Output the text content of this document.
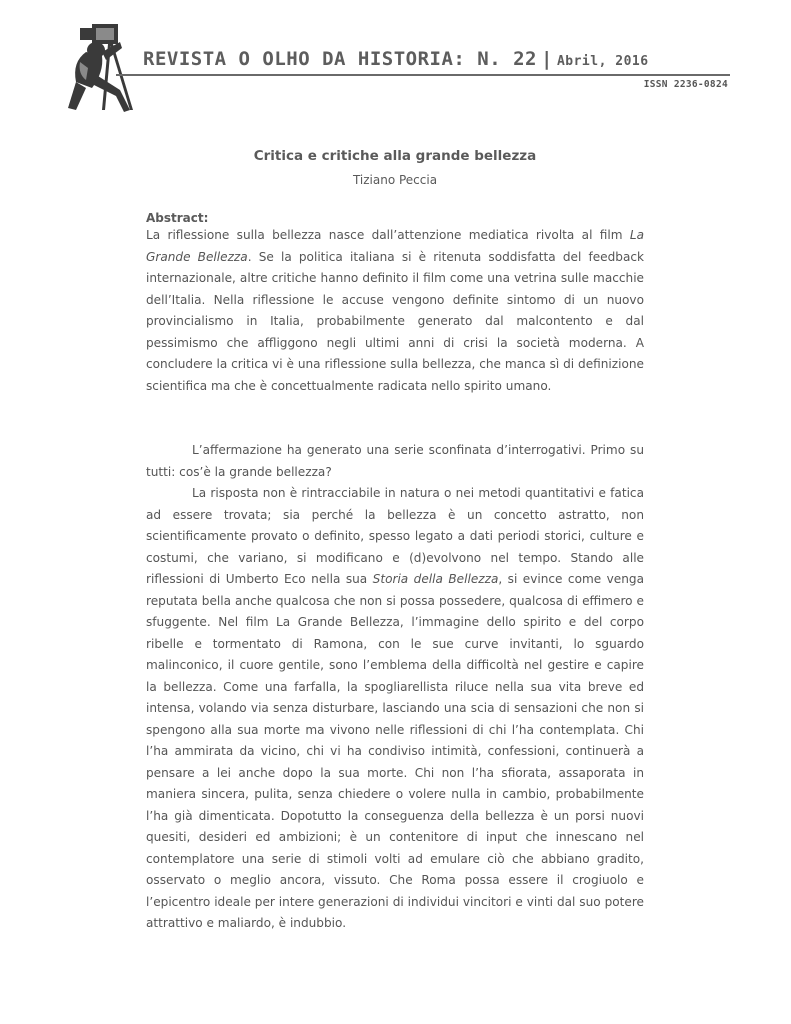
REVISTA O OLHO DA HISTORIA: N. 22 | Abril, 2016
ISSN 2236-0824
Critica e critiche alla grande bellezza
Tiziano Peccia
Abstract:

La riflessione sulla bellezza nasce dall’attenzione mediatica rivolta al film La Grande Bellezza. Se la politica italiana si è ritenuta soddisfatta del feedback internazionale, altre critiche hanno definito il film come una vetrina sulle macchie dell’Italia. Nella riflessione le accuse vengono definite sintomo di un nuovo provincialismo in Italia, probabilmente generato dal malcontento e dal pessimismo che affliggono negli ultimi anni di crisi la società moderna. A concludere la critica vi è una riflessione sulla bellezza, che manca sì di definizione scientifica ma che è concettualmente radicata nello spirito umano.

L’affermazione ha generato una serie sconfinata d’interrogativi. Primo su tutti: cos’è la grande bellezza?

La risposta non è rintracciabile in natura o nei metodi quantitativi e fatica ad essere trovata; sia perché la bellezza è un concetto astratto, non scientificamente provato o definito, spesso legato a dati periodi storici, culture e costumi, che variano, si modificano e (d)evolvono nel tempo. Stando alle riflessioni di Umberto Eco nella sua Storia della Bellezza, si evince come venga reputata bella anche qualcosa che non si possa possedere, qualcosa di effimero e sfuggente. Nel film La Grande Bellezza, l’immagine dello spirito e del corpo ribelle e tormentato di Ramona, con le sue curve invitanti, lo sguardo malinconico, il cuore gentile, sono l’emblema della difficoltà nel gestire e capire la bellezza. Come una farfalla, la spogliarellista riluce nella sua vita breve ed intensa, volando via senza disturbare, lasciando una scia di sensazioni che non si spengono alla sua morte ma vivono nelle riflessioni di chi l’ha contemplata. Chi l’ha ammirata da vicino, chi vi ha condiviso intimità, confessioni, continuerà a pensare a lei anche dopo la sua morte. Chi non l’ha sfiorata, assaporata in maniera sincera, pulita, senza chiedere o volere nulla in cambio, probabilmente l’ha già dimenticata. Dopotutto la conseguenza della bellezza è un porsi nuovi quesiti, desideri ed ambizioni; è un contenitore di input che innescano nel contemplatore una serie di stimoli volti ad emulare ciò che abbiano gradito, osservato o meglio ancora, vissuto. Che Roma possa essere il crogiuolo e l’epicentro ideale per intere generazioni di individui vincitori e vinti dal suo potere attrattivo e maliardo, è indubbio.
